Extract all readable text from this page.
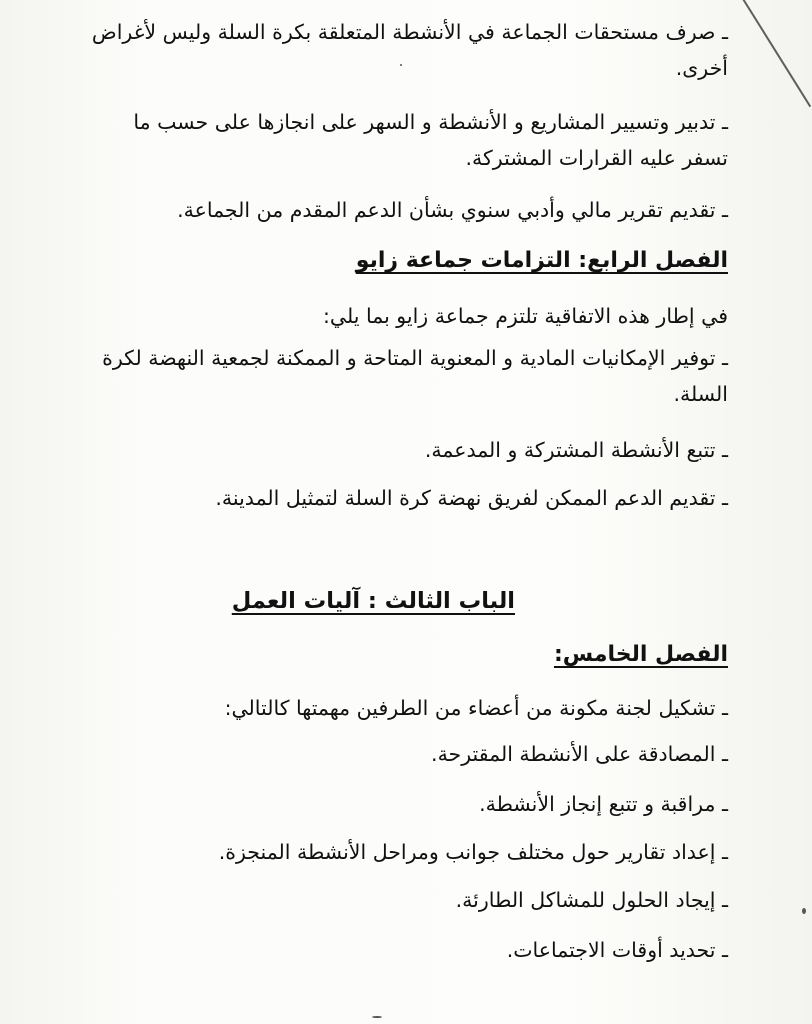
ـ صرف مستحقات الجماعة في الأنشطة المتعلقة بكرة السلة وليس لأغراض أخرى.

ـ تدبير وتسيير المشاريع و الأنشطة و السهر على انجازها على حسب ما تسفر عليه القرارات المشتركة.

ـ تقديم تقرير مالي وأدبي سنوي بشأن الدعم المقدم من الجماعة.

الفصل الرابع: التزامات جماعة زايو

في إطار هذه الاتفاقية تلتزم جماعة زايو بما يلي:

ـ توفير الإمكانيات المادية و المعنوية المتاحة و الممكنة لجمعية النهضة لكرة السلة.

ـ تتبع الأنشطة المشتركة و المدعمة.

ـ تقديم الدعم الممكن لفريق نهضة كرة السلة لتمثيل المدينة.

الباب الثالث : آليات العمل
الفصل الخامس:

ـ تشكيل لجنة مكونة من أعضاء من الطرفين مهمتها كالتالي:

ـ المصادقة على الأنشطة المقترحة.

ـ مراقبة و تتبع إنجاز الأنشطة.

ـ إعداد تقارير حول مختلف جوانب ومراحل الأنشطة المنجزة.

ـ إيجاد الحلول للمشاكل الطارئة.

ـ تحديد أوقات الاجتماعات.
